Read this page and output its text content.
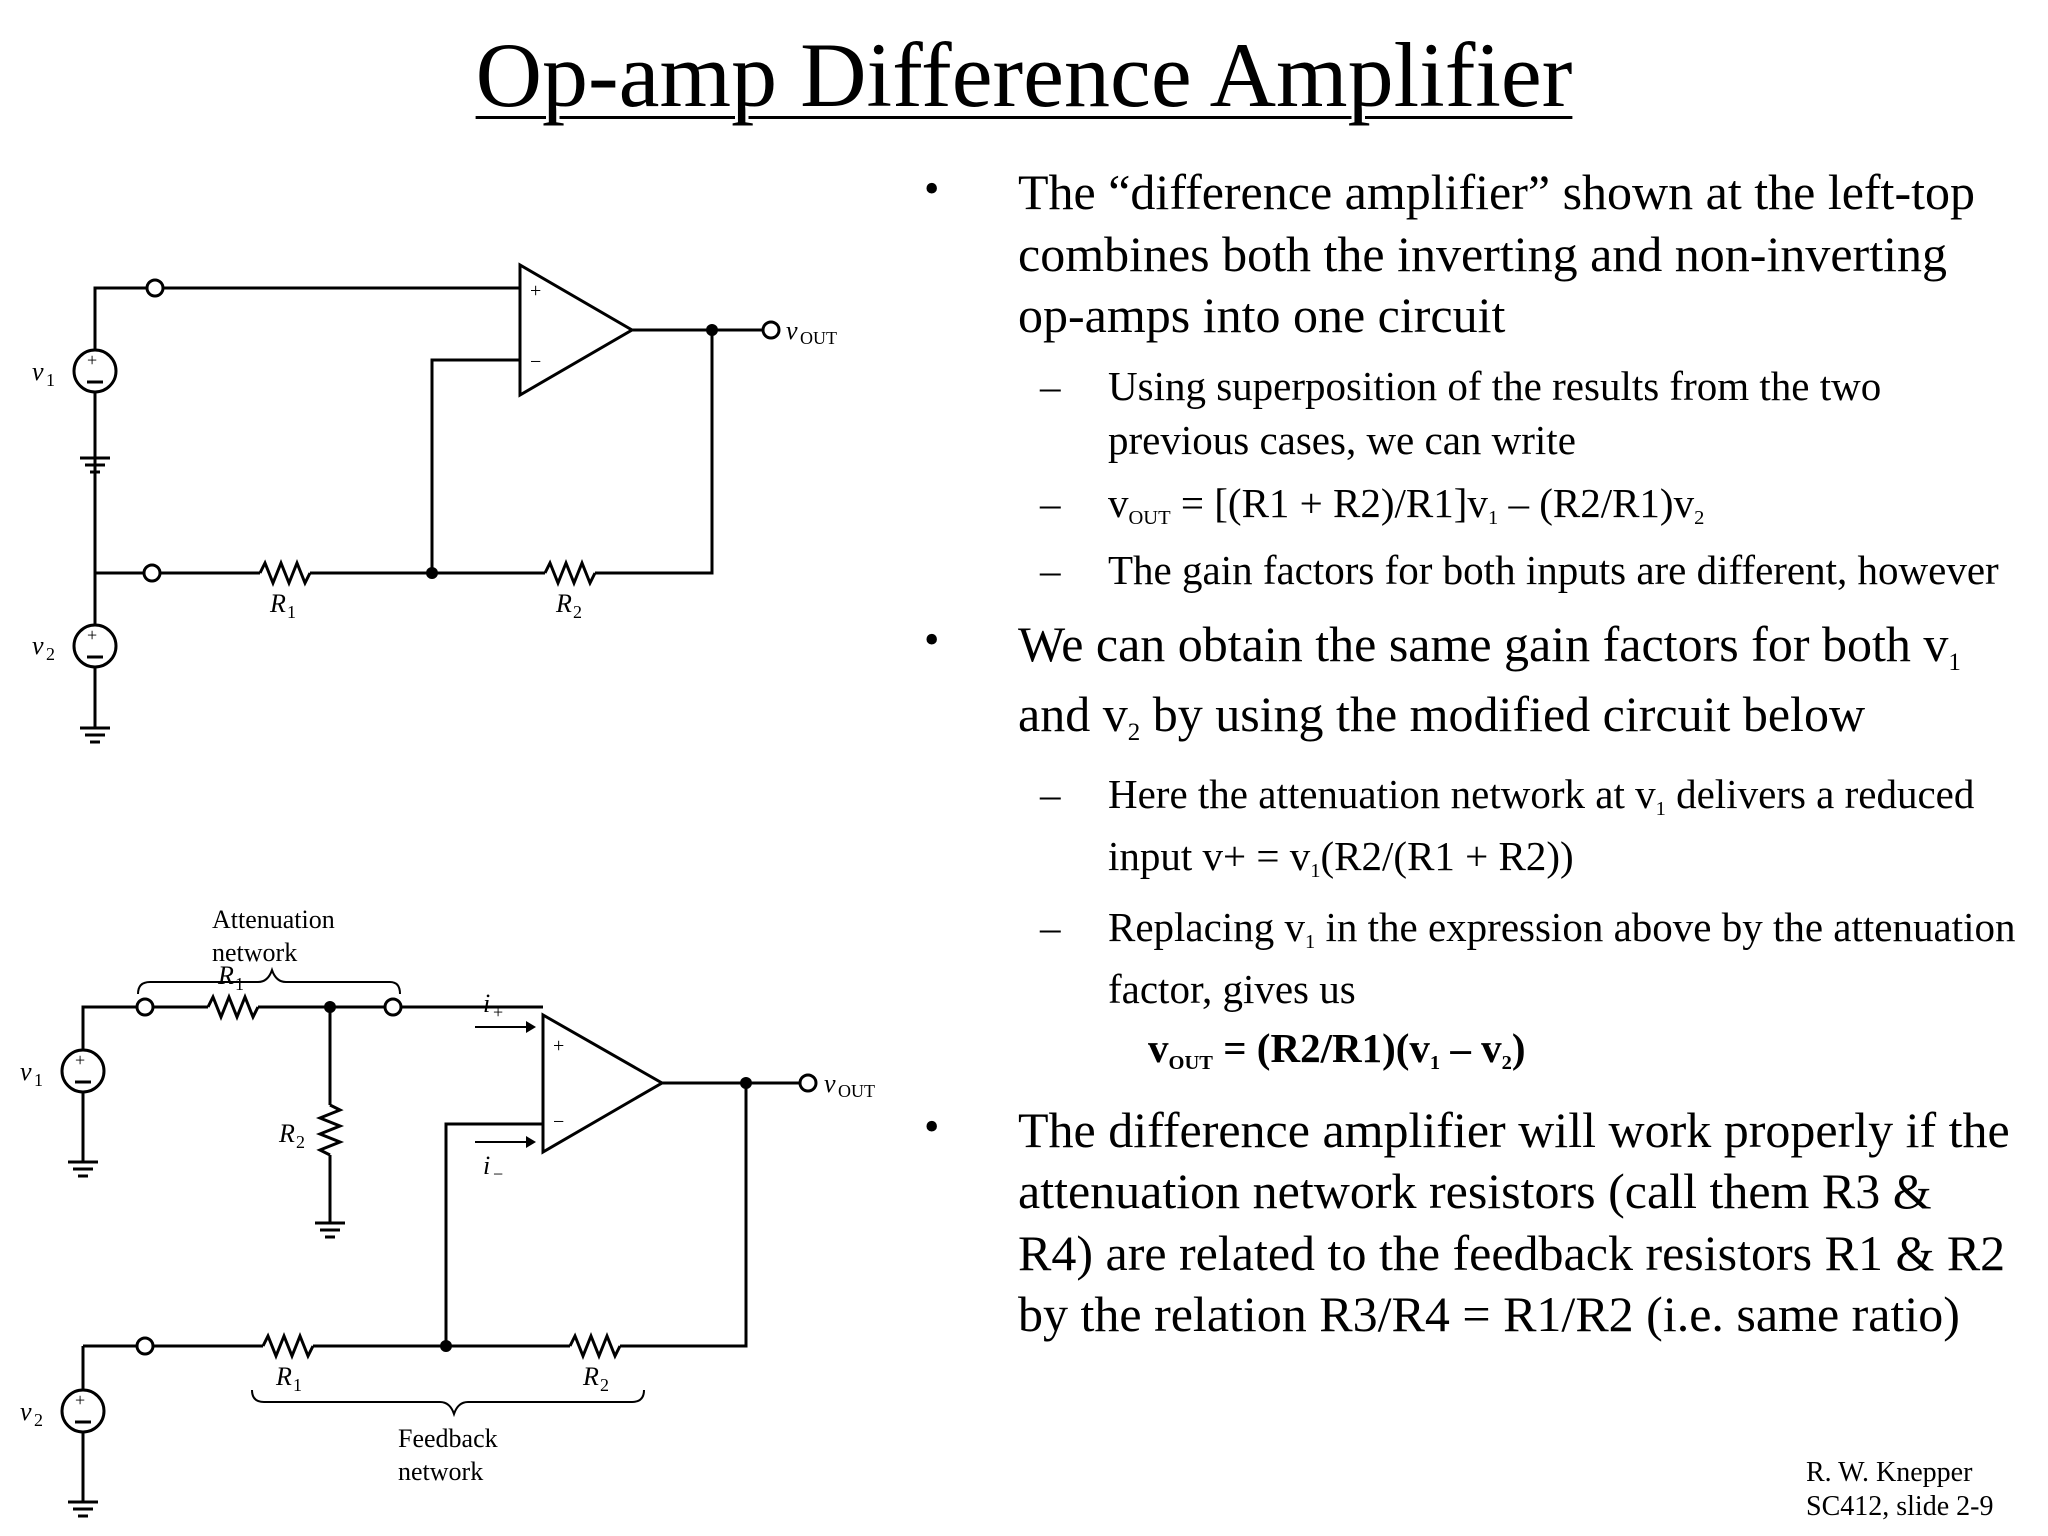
Op-amp Difference Amplifier
+
−
+
v 1
v OUT
+
v 2
R 1	R 2
Attenuation
network
+
−
i +
i −
+
v 1
R 1
R 2
v OUT
+
v 2
R 1	R 2
Feedback
network
• The “difference amplifier” shown at the left-top combines both the inverting and non-inverting op-amps into one circuit
– Using superposition of the results from the two previous cases, we can write
– $v_{OUT} = [(R1 + R2)/R1]v_1 - (R2/R1)v_2$
– The gain factors for both inputs are different, however
• We can obtain the same gain factors for both $v_1$ and $v_2$ by using the modified circuit below
– Here the attenuation network at $v_1$ delivers a reduced input $v+ = v_1(R2/(R1 + R2))$
– Replacing $v_1$ in the expression above by the attenuation factor, gives us
$v_{OUT} = (R2/R1)(v_1 - v_2)$
• The difference amplifier will work properly if the attenuation network resistors (call them R3 & R4) are related to the feedback resistors R1 & R2 by the relation R3/R4 = R1/R2 (i.e. same ratio)
R. W. Knepper
SC412, slide 2-9
